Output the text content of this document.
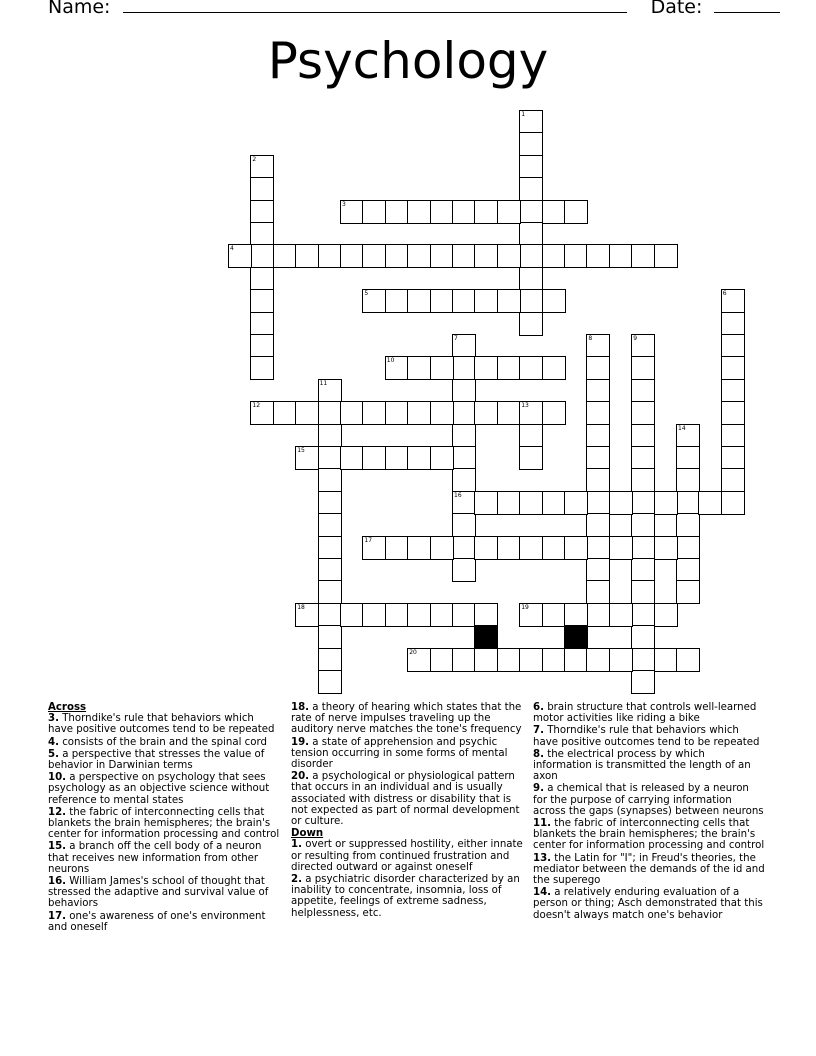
Name:	Date:
Psychology
1
2
3
4
5	6
7
16
8	9
10
11
12	13
14
15
17
18	19
20
Across
3. Thorndike's rule that behaviors which have positive outcomes tend to be repeated
4. consists of the brain and the spinal cord
5. a perspective that stresses the value of behavior in Darwinian terms
10. a perspective on psychology that sees psychology as an objective science without reference to mental states
12. the fabric of interconnecting cells that blankets the brain hemispheres; the brain's center for information processing and control
15. a branch off the cell body of a neuron that receives new information from other neurons
16. William James's school of thought that stressed the adaptive and survival value of behaviors
17. one's awareness of one's environment and oneself
18. a theory of hearing which states that the rate of nerve impulses traveling up the auditory nerve matches the tone's frequency
19. a state of apprehension and psychic tension occurring in some forms of mental disorder
20. a psychological or physiological pattern that occurs in an individual and is usually associated with distress or disability that is not expected as part of normal development or culture.
Down
1. overt or suppressed hostility, either innate or resulting from continued frustration and directed outward or against oneself
2. a psychiatric disorder characterized by an inability to concentrate, insomnia, loss of appetite, feelings of extreme sadness, helplessness, etc.
6. brain structure that controls well-learned motor activities like riding a bike
7. Thorndike's rule that behaviors which have positive outcomes tend to be repeated
8. the electrical process by which information is transmitted the length of an axon
9. a chemical that is released by a neuron for the purpose of carrying information across the gaps (synapses) between neurons
11. the fabric of interconnecting cells that blankets the brain hemispheres; the brain's center for information processing and control
13. the Latin for "I"; in Freud's theories, the mediator between the demands of the id and the superego
14. a relatively enduring evaluation of a person or thing; Asch demonstrated that this doesn't always match one's behavior
